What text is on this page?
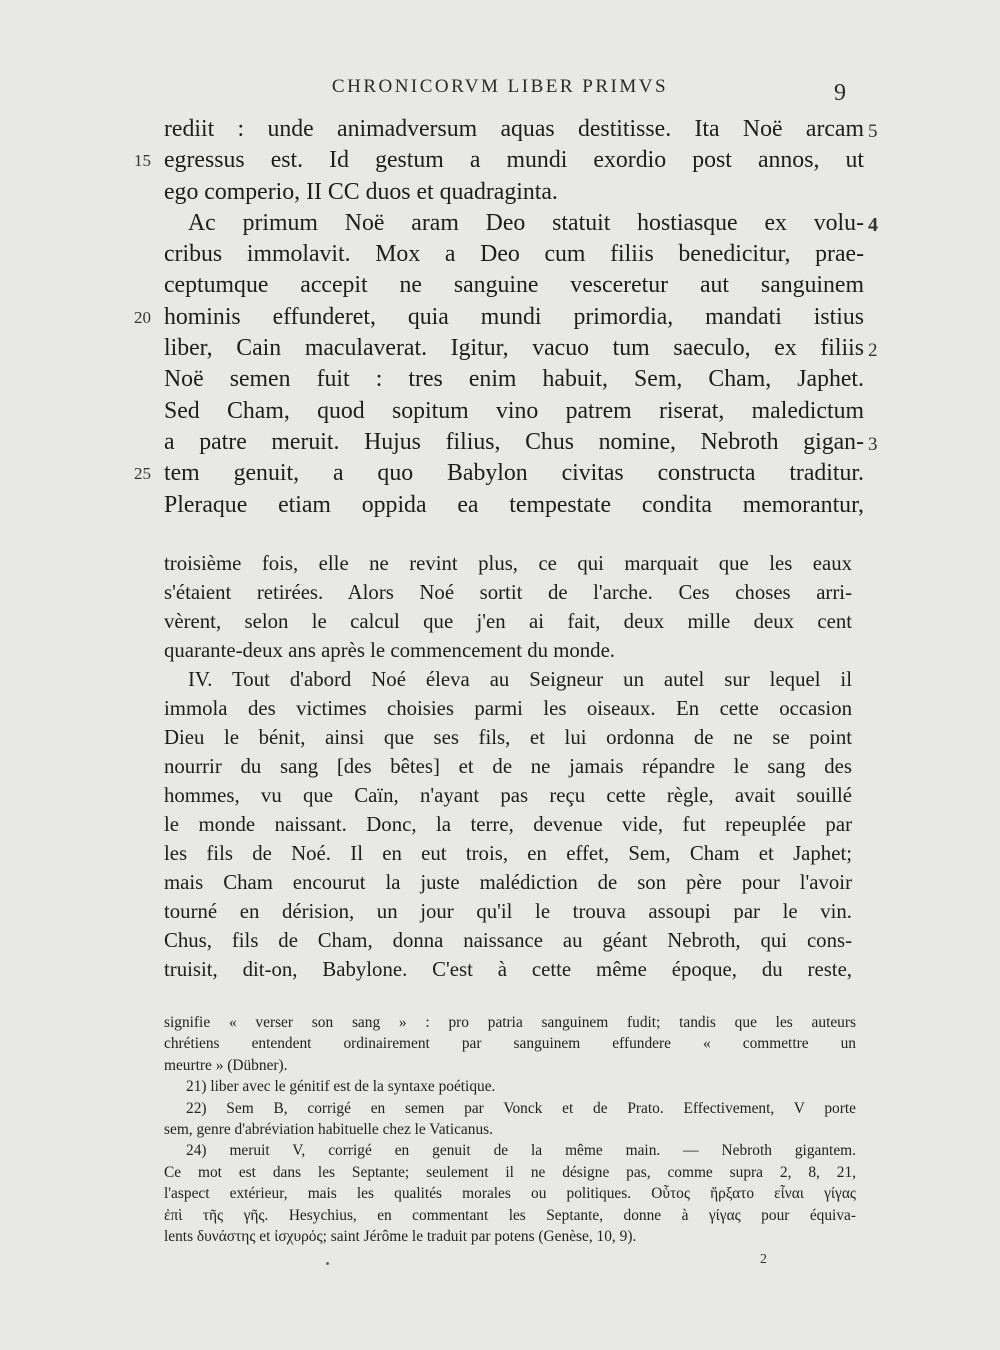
CHRONICORVM LIBER PRIMVS	9
rediit : unde animadversum aquas destitisse. Ita Noë arcam 5
15 egressus est. Id gestum a mundi exordio post annos, ut
ego comperio, II CC duos et quadraginta.
Ac primum Noë aram Deo statuit hostiasque ex volu- 4
cribus immolavit. Mox a Deo cum filiis benedicitur, prae-
ceptumque accepit ne sanguine vesceretur aut sanguinem
20 hominis effunderet, quia mundi primordia, mandati istius
liber, Cain maculaverat. Igitur, vacuo tum saeculo, ex filiis 2
Noë semen fuit : tres enim habuit, Sem, Cham, Japhet.
Sed Cham, quod sopitum vino patrem riserat, maledictum
a patre meruit. Hujus filius, Chus nomine, Nebroth gigan- 3
25 tem genuit, a quo Babylon civitas constructa traditur.
Pleraque etiam oppida ea tempestate condita memorantur,
troisième fois, elle ne revint plus, ce qui marquait que les eaux
s'étaient retirées. Alors Noé sortit de l'arche. Ces choses arri-
vèrent, selon le calcul que j'en ai fait, deux mille deux cent
quarante-deux ans après le commencement du monde.
IV. Tout d'abord Noé éleva au Seigneur un autel sur lequel il
immola des victimes choisies parmi les oiseaux. En cette occasion
Dieu le bénit, ainsi que ses fils, et lui ordonna de ne se point
nourrir du sang [des bêtes] et de ne jamais répandre le sang des
hommes, vu que Caïn, n'ayant pas reçu cette règle, avait souillé
le monde naissant. Donc, la terre, devenue vide, fut repeuplée par
les fils de Noé. Il en eut trois, en effet, Sem, Cham et Japhet;
mais Cham encourut la juste malédiction de son père pour l'avoir
tourné en dérision, un jour qu'il le trouva assoupi par le vin.
Chus, fils de Cham, donna naissance au géant Nebroth, qui cons-
truisit, dit-on, Babylone. C'est à cette même époque, du reste,
signifie « verser son sang » : pro patria sanguinem fudit; tandis que les auteurs
chrétiens entendent ordinairement par sanguinem effundere « commettre un
meurtre » (Dübner).
21) liber avec le génitif est de la syntaxe poétique.
22) Sem B, corrigé en semen par Vonck et de Prato. Effectivement, V porte
sem, genre d'abréviation habituelle chez le Vaticanus.
24) meruit V, corrigé en genuit de la même main. — Nebroth gigantem.
Ce mot est dans les Septante; seulement il ne désigne pas, comme supra 2, 8, 21,
l'aspect extérieur, mais les qualités morales ou politiques. Οὗτος ἤρξατο εἶναι γίγας
ἐπὶ τῆς γῆς. Hesychius, en commentant les Septante, donne à γίγας pour équiva-
lents δυνάστης et ἰσχυρός; saint Jérôme le traduit par potens (Genèse, 10, 9).
2
